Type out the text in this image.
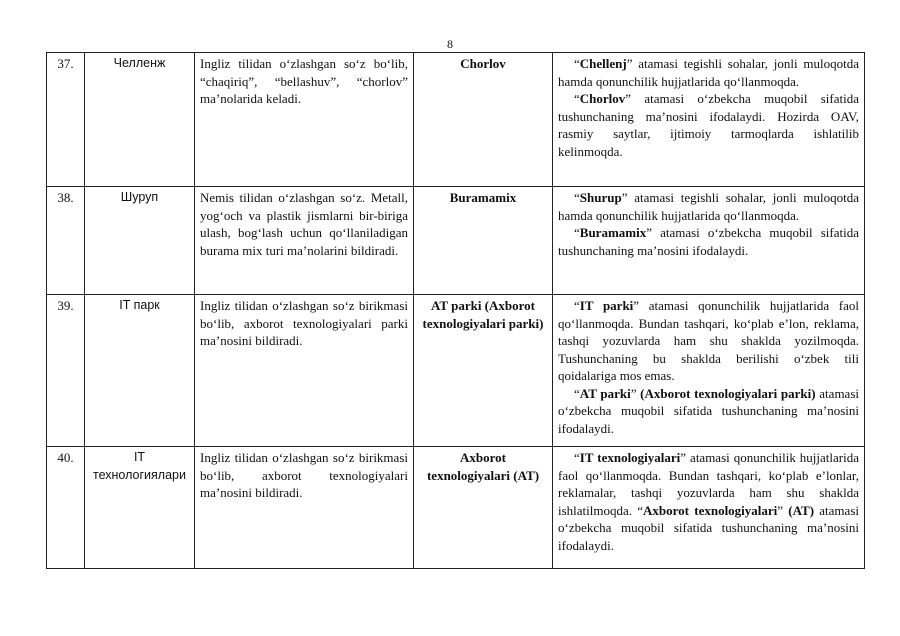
8
37.	Челленж	Ingliz tilidan o‘zlashgan so‘z bo‘lib, “chaqiriq”, “bellashuv”, “chorlov” ma’nolarida keladi.	Chorlov	“Chellenj” atamasi tegishli sohalar, jonli muloqotda hamda qonunchilik hujjatlarida qo‘llanmoqda.

“Chorlov” atamasi o‘zbekcha muqobil sifatida tushunchaning ma’nosini ifodalaydi. Hozirda OAV, rasmiy saytlar, ijtimoiy tarmoqlarda ishlatilib kelinmoqda.

38.	Шуруп	Nemis tilidan o‘zlashgan so‘z. Metall, yog‘och va plastik jismlarni bir-biriga ulash, bog‘lash uchun qo‘llaniladigan burama mix turi ma’nolarini bildiradi.	Buramamix	“Shurup” atamasi tegishli sohalar, jonli muloqotda hamda qonunchilik hujjatlarida qo‘llanmoqda.

“Buramamix” atamasi o‘zbekcha muqobil sifatida tushunchaning ma’nosini ifodalaydi.

39.	IT парк	Ingliz tilidan o‘zlashgan so‘z birikmasi bo‘lib, axborot texnologiyalari parki ma’nosini bildiradi.	AT parki (Axborot texnologiyalari parki)	“IT parki” atamasi qonunchilik hujjatlarida faol qo‘llanmoqda. Bundan tashqari, ko‘plab e’lon, reklama, tashqi yozuvlarda ham shu shaklda yozilmoqda. Tushunchaning bu shaklda berilishi o‘zbek tili qoidalariga mos emas.

“AT parki” (Axborot texnologiyalari parki) atamasi o‘zbekcha muqobil sifatida tushunchaning ma’nosini ifodalaydi.

40.	IT технологиялари	Ingliz tilidan o‘zlashgan so‘z birikmasi bo‘lib, axborot texnologiyalari ma’nosini bildiradi.	Axborot texnologiyalari (AT)	“IT texnologiyalari” atamasi qonunchilik hujjatlarida faol qo‘llanmoqda. Bundan tashqari, ko‘plab e’lonlar, reklamalar, tashqi yozuvlarda ham shu shaklda ishlatilmoqda. “Axborot texnologiyalari” (AT) atamasi o‘zbekcha muqobil sifatida tushunchaning ma’nosini ifodalaydi.
